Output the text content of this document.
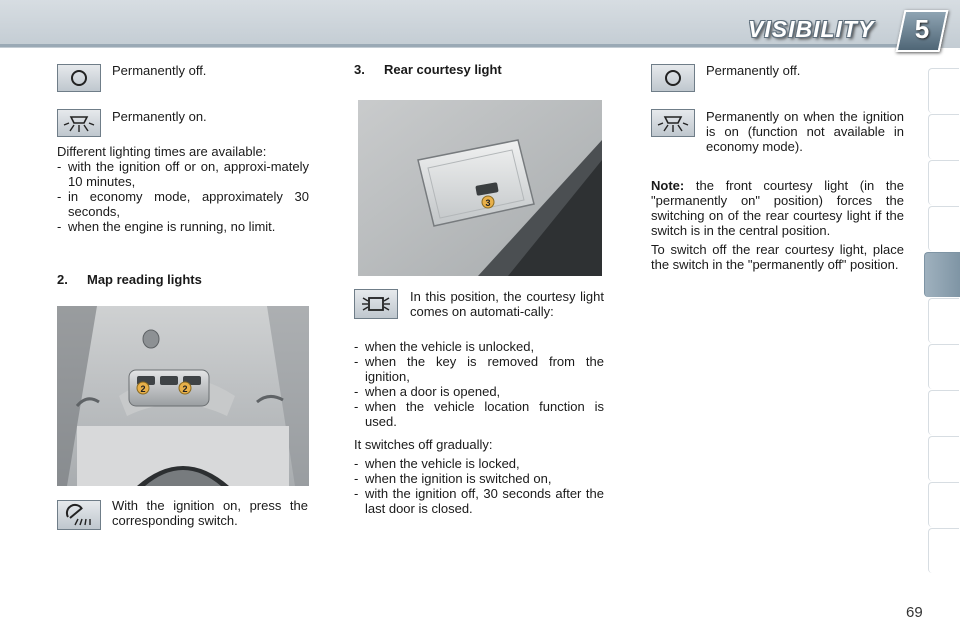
VISIBILITY	5
Permanently off.
Permanently on.
Different lighting times are available:
- with the ignition off or on, approxi-mately 10 minutes,
- in economy mode, approximately 30 seconds,
- when the engine is running, no limit.
2. Map reading lights
2	2
With the ignition on, press the corresponding switch.
3. Rear courtesy light
3
In this position, the courtesy light comes on automati-cally:
- when the vehicle is unlocked,
- when the key is removed from the ignition,
- when a door is opened,
- when the vehicle location function is used.
It switches off gradually:
- when the vehicle is locked,
- when the ignition is switched on,
- with the ignition off, 30 seconds after the last door is closed.
Permanently off.
Permanently on when the ignition is on (function not available in economy mode).
Note: the front courtesy light (in the "permanently on" position) forces the switching on of the rear courtesy light if the switch is in the central position.
To switch off the rear courtesy light, place the switch in the "permanently off" position.
69
